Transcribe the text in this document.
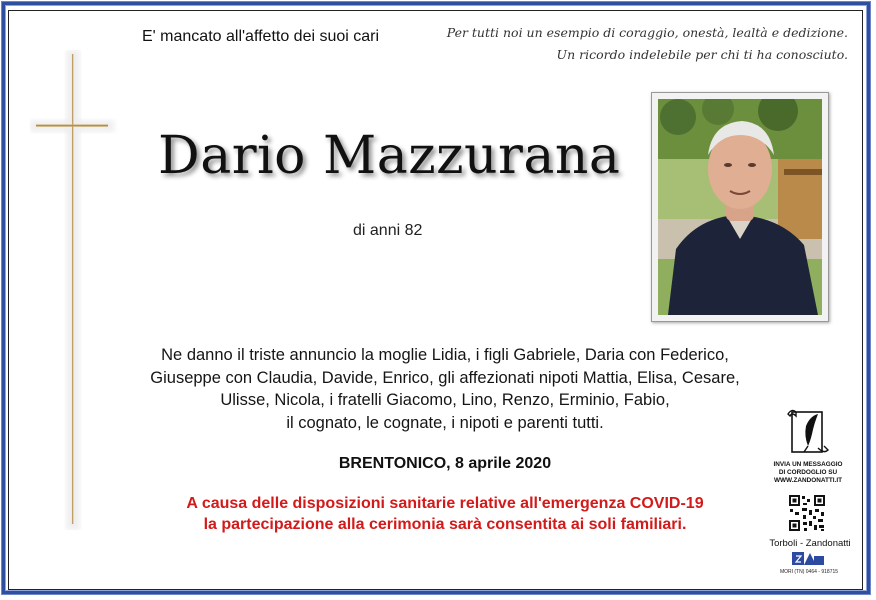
E' mancato all'affetto dei suoi cari	Per tutti noi un esempio di coraggio, onestà, lealtà e dedizione.
Un ricordo indelebile per chi ti ha conosciuto.
Dario Mazzurana
di anni 82
Ne danno il triste annuncio la moglie Lidia, i figli Gabriele, Daria con Federico,
Giuseppe con Claudia, Davide, Enrico, gli affezionati nipoti Mattia, Elisa, Cesare,
Ulisse, Nicola, i fratelli Giacomo, Lino, Renzo, Erminio, Fabio,
il cognato, le cognate, i nipoti e parenti tutti.
BRENTONICO, 8 aprile 2020
A causa delle disposizioni sanitarie relative all'emergenza COVID-19
la partecipazione alla cerimonia sarà consentita ai soli familiari.
INVIA UN MESSAGGIO
DI CORDOGLIO SU
WWW.ZANDONATTI.IT
Torboli - Zandonatti
MORI (TN) 0464 - 918715
